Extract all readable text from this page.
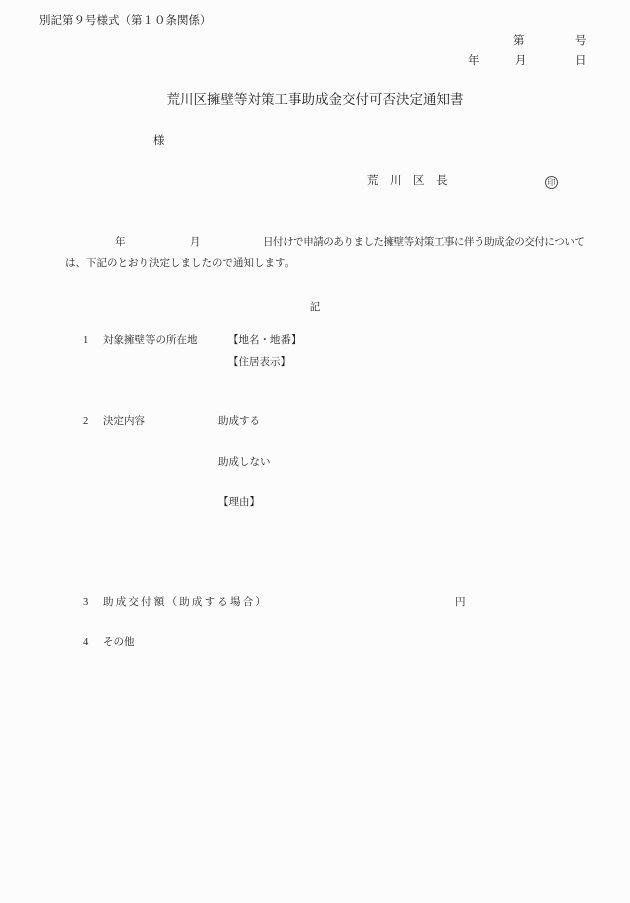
別記第９号様式（第１０条関係）
第	号
年	月	日
荒川区擁壁等対策工事助成金交付可否決定通知書
様
荒　川　区　長	印
年	月	日付けで申請のありました擁壁等対策工事に伴う助成金の交付について
は、下記のとおり決定しましたので通知します。
記
1 対象擁壁等の所在地	【地名・地番】
【住居表示】
2 決定内容	助成する
助成しない
【理由】
3 助成交付額（助成する場合）	円
4 その他
